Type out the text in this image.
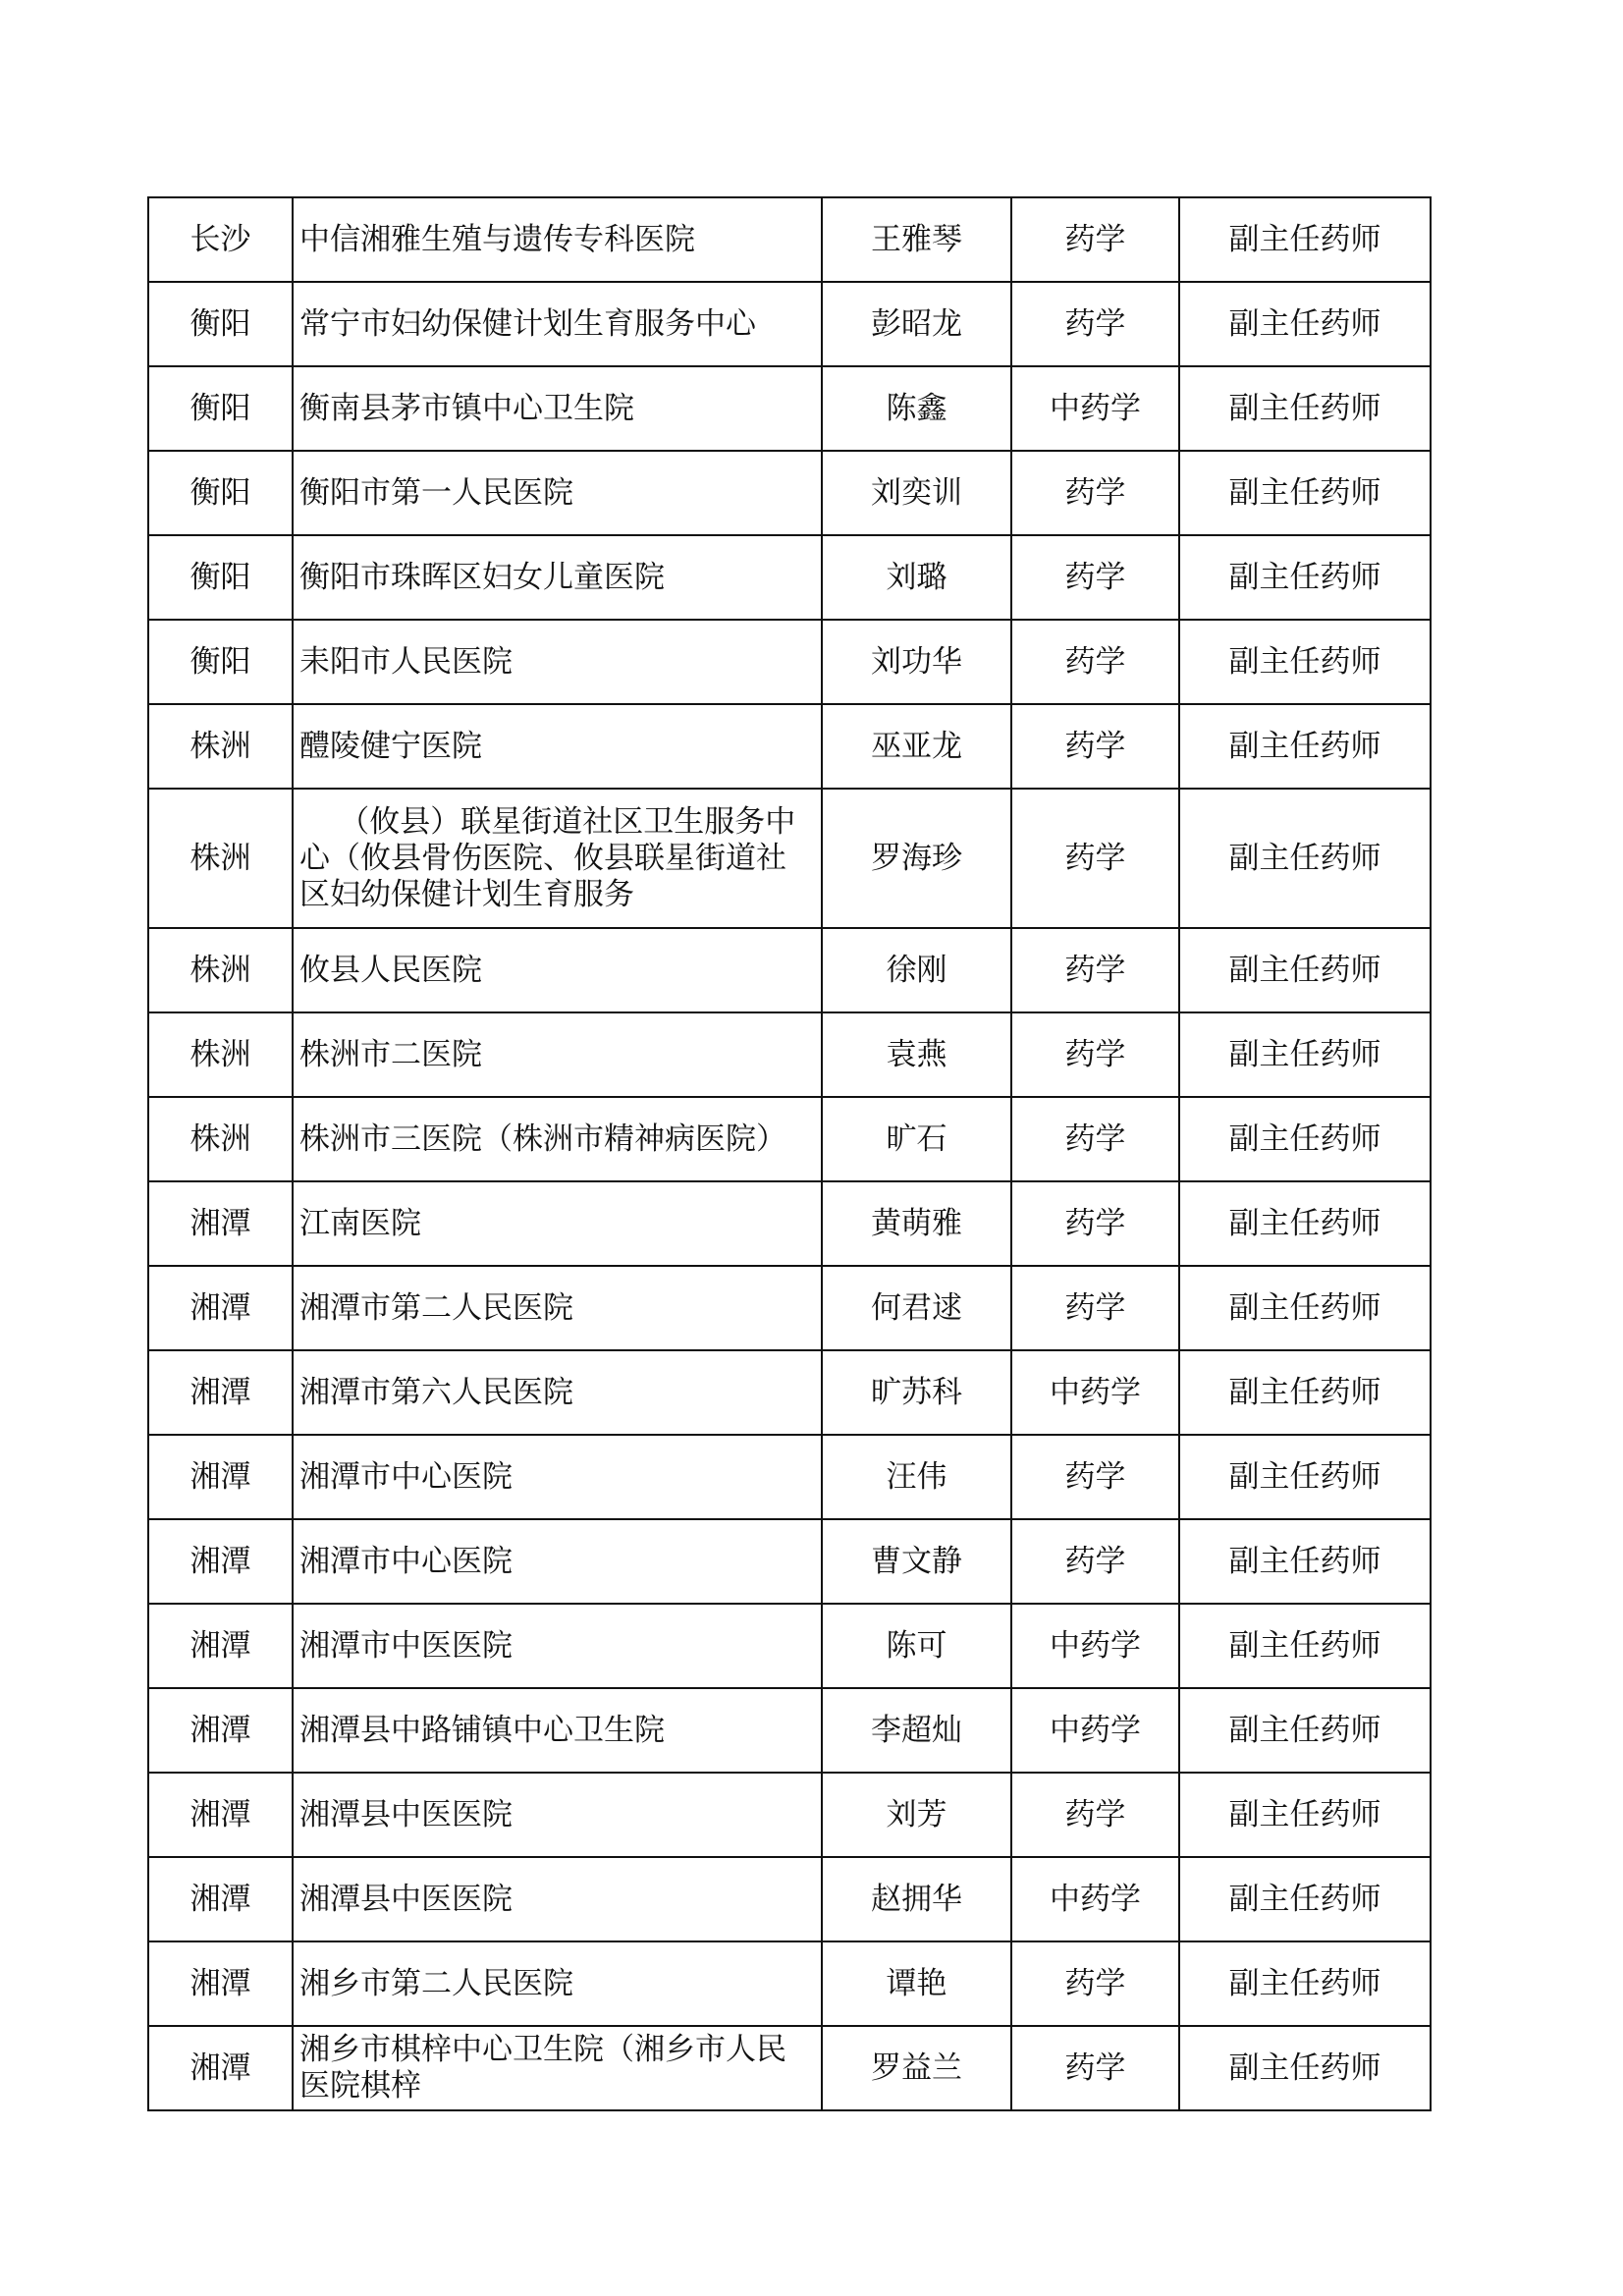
长沙	中信湘雅生殖与遗传专科医院	王雅琴	药学	副主任药师
衡阳	常宁市妇幼保健计划生育服务中心	彭昭龙	药学	副主任药师
衡阳	衡南县茅市镇中心卫生院	陈鑫	中药学	副主任药师
衡阳	衡阳市第一人民医院	刘奕训	药学	副主任药师
衡阳	衡阳市珠晖区妇女儿童医院	刘璐	药学	副主任药师
衡阳	耒阳市人民医院	刘功华	药学	副主任药师
株洲	醴陵健宁医院	巫亚龙	药学	副主任药师
株洲	（攸县）联星街道社区卫生服务中心（攸县骨伤医院、攸县联星街道社区妇幼保健计划生育服务	罗海珍	药学	副主任药师
株洲	攸县人民医院	徐刚	药学	副主任药师
株洲	株洲市二医院	袁燕	药学	副主任药师
株洲	株洲市三医院（株洲市精神病医院）	旷石	药学	副主任药师
湘潭	江南医院	黄萌雅	药学	副主任药师
湘潭	湘潭市第二人民医院	何君逑	药学	副主任药师
湘潭	湘潭市第六人民医院	旷苏科	中药学	副主任药师
湘潭	湘潭市中心医院	汪伟	药学	副主任药师
湘潭	湘潭市中心医院	曹文静	药学	副主任药师
湘潭	湘潭市中医医院	陈可	中药学	副主任药师
湘潭	湘潭县中路铺镇中心卫生院	李超灿	中药学	副主任药师
湘潭	湘潭县中医医院	刘芳	药学	副主任药师
湘潭	湘潭县中医医院	赵拥华	中药学	副主任药师
湘潭	湘乡市第二人民医院	谭艳	药学	副主任药师
湘潭	湘乡市棋梓中心卫生院（湘乡市人民医院棋梓	罗益兰	药学	副主任药师
